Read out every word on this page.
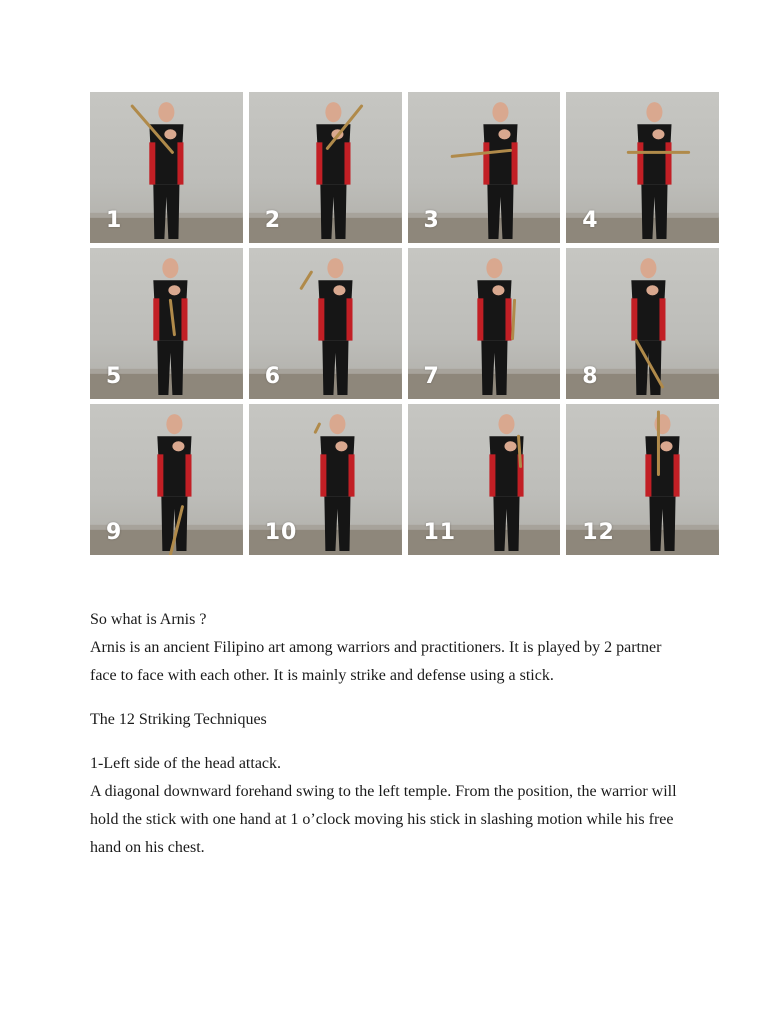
1	2	3	4
5	6	7	8
9	10	11	12

So what is Arnis ?

Arnis is an ancient Filipino art among warriors and practitioners. It is played by 2 partner face to face with each other. It is mainly strike and defense using a stick.

The 12 Striking Techniques

1-Left side of the head attack.

A diagonal downward forehand swing to the left temple. From the position, the warrior will hold the stick with one hand at 1 o’clock moving his stick in slashing motion while his free hand on his chest.
